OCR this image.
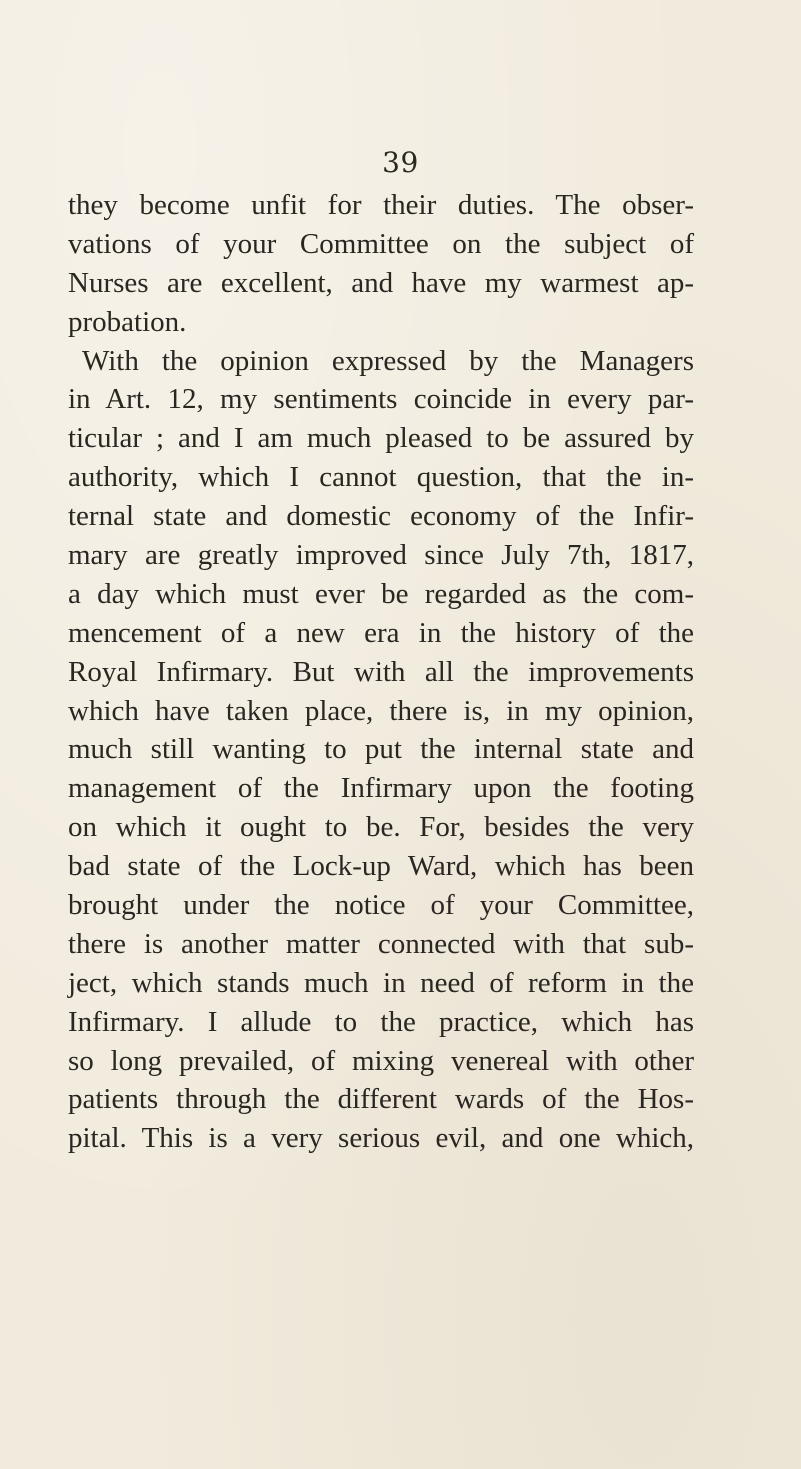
39
they become unfit for their duties. The obser-
vations of your Committee on the subject of
Nurses are excellent, and have my warmest ap-
probation.
With the opinion expressed by the Managers
in Art. 12, my sentiments coincide in every par-
ticular ; and I am much pleased to be assured by
authority, which I cannot question, that the in-
ternal state and domestic economy of the Infir-
mary are greatly improved since July 7th, 1817,
a day which must ever be regarded as the com-
mencement of a new era in the history of the
Royal Infirmary. But with all the improvements
which have taken place, there is, in my opinion,
much still wanting to put the internal state and
management of the Infirmary upon the footing
on which it ought to be. For, besides the very
bad state of the Lock-up Ward, which has been
brought under the notice of your Committee,
there is another matter connected with that sub-
ject, which stands much in need of reform in the
Infirmary. I allude to the practice, which has
so long prevailed, of mixing venereal with other
patients through the different wards of the Hos-
pital. This is a very serious evil, and one which,
